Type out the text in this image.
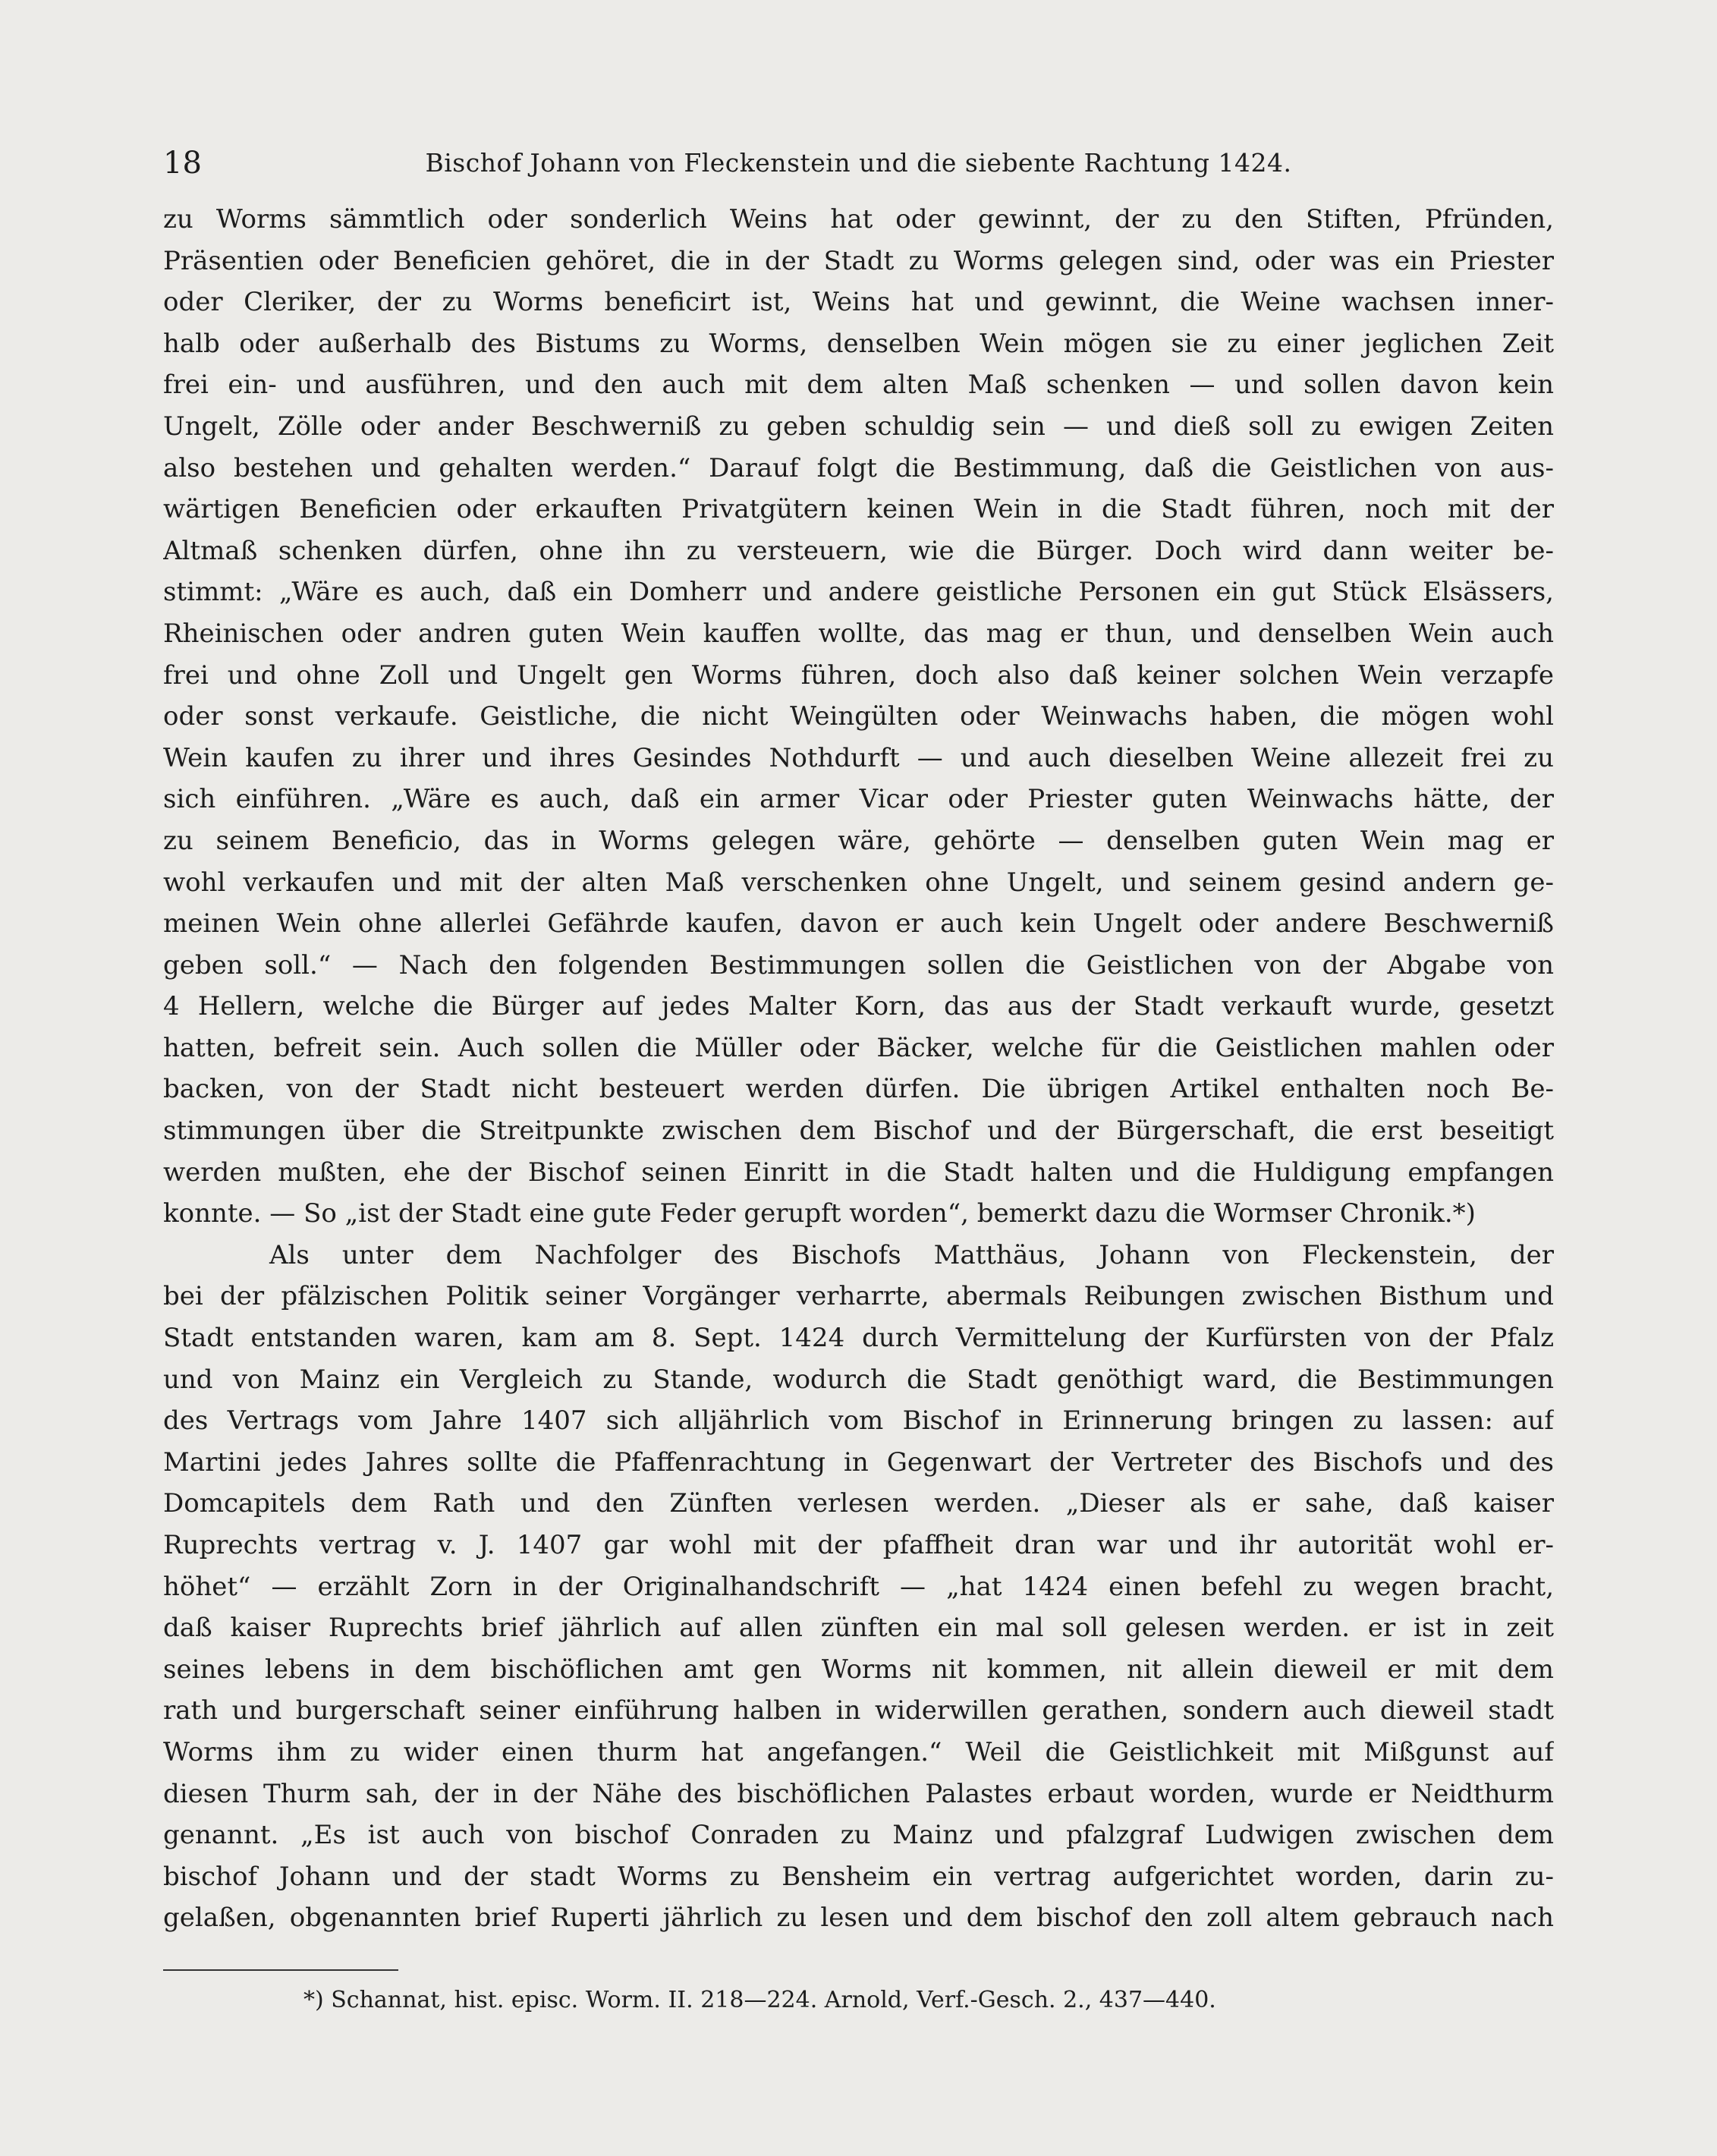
18	Bischof Johann von Fleckenstein und die siebente Rachtung 1424.
zu Worms sämmtlich oder sonderlich Weins hat oder gewinnt, der zu den Stiften, Pfründen,
Präsentien oder Beneficien gehöret, die in der Stadt zu Worms gelegen sind, oder was ein Priester
oder Cleriker, der zu Worms beneficirt ist, Weins hat und gewinnt, die Weine wachsen inner-
halb oder außerhalb des Bistums zu Worms, denselben Wein mögen sie zu einer jeglichen Zeit
frei ein- und ausführen, und den auch mit dem alten Maß schenken — und sollen davon kein
Ungelt, Zölle oder ander Beschwerniß zu geben schuldig sein — und dieß soll zu ewigen Zeiten
also bestehen und gehalten werden.“ Darauf folgt die Bestimmung, daß die Geistlichen von aus-
wärtigen Beneficien oder erkauften Privatgütern keinen Wein in die Stadt führen, noch mit der
Altmaß schenken dürfen, ohne ihn zu versteuern, wie die Bürger. Doch wird dann weiter be-
stimmt: „Wäre es auch, daß ein Domherr und andere geistliche Personen ein gut Stück Elsässers,
Rheinischen oder andren guten Wein kauffen wollte, das mag er thun, und denselben Wein auch
frei und ohne Zoll und Ungelt gen Worms führen, doch also daß keiner solchen Wein verzapfe
oder sonst verkaufe. Geistliche, die nicht Weingülten oder Weinwachs haben, die mögen wohl
Wein kaufen zu ihrer und ihres Gesindes Nothdurft — und auch dieselben Weine allezeit frei zu
sich einführen. „Wäre es auch, daß ein armer Vicar oder Priester guten Weinwachs hätte, der
zu seinem Beneficio, das in Worms gelegen wäre, gehörte — denselben guten Wein mag er
wohl verkaufen und mit der alten Maß verschenken ohne Ungelt, und seinem gesind andern ge-
meinen Wein ohne allerlei Gefährde kaufen, davon er auch kein Ungelt oder andere Beschwerniß
geben soll.“ — Nach den folgenden Bestimmungen sollen die Geistlichen von der Abgabe von
4 Hellern, welche die Bürger auf jedes Malter Korn, das aus der Stadt verkauft wurde, gesetzt
hatten, befreit sein. Auch sollen die Müller oder Bäcker, welche für die Geistlichen mahlen oder
backen, von der Stadt nicht besteuert werden dürfen. Die übrigen Artikel enthalten noch Be-
stimmungen über die Streitpunkte zwischen dem Bischof und der Bürgerschaft, die erst beseitigt
werden mußten, ehe der Bischof seinen Einritt in die Stadt halten und die Huldigung empfangen
konnte. — So „ist der Stadt eine gute Feder gerupft worden“, bemerkt dazu die Wormser Chronik.*)
Als unter dem Nachfolger des Bischofs Matthäus, Johann von Fleckenstein, der
bei der pfälzischen Politik seiner Vorgänger verharrte, abermals Reibungen zwischen Bisthum und
Stadt entstanden waren, kam am 8. Sept. 1424 durch Vermittelung der Kurfürsten von der Pfalz
und von Mainz ein Vergleich zu Stande, wodurch die Stadt genöthigt ward, die Bestimmungen
des Vertrags vom Jahre 1407 sich alljährlich vom Bischof in Erinnerung bringen zu lassen: auf
Martini jedes Jahres sollte die Pfaffenrachtung in Gegenwart der Vertreter des Bischofs und des
Domcapitels dem Rath und den Zünften verlesen werden. „Dieser als er sahe, daß kaiser
Ruprechts vertrag v. J. 1407 gar wohl mit der pfaffheit dran war und ihr autorität wohl er-
höhet“ — erzählt Zorn in der Originalhandschrift — „hat 1424 einen befehl zu wegen bracht,
daß kaiser Ruprechts brief jährlich auf allen zünften ein mal soll gelesen werden. er ist in zeit
seines lebens in dem bischöflichen amt gen Worms nit kommen, nit allein dieweil er mit dem
rath und burgerschaft seiner einführung halben in widerwillen gerathen, sondern auch dieweil stadt
Worms ihm zu wider einen thurm hat angefangen.“ Weil die Geistlichkeit mit Mißgunst auf
diesen Thurm sah, der in der Nähe des bischöflichen Palastes erbaut worden, wurde er Neidthurm
genannt. „Es ist auch von bischof Conraden zu Mainz und pfalzgraf Ludwigen zwischen dem
bischof Johann und der stadt Worms zu Bensheim ein vertrag aufgerichtet worden, darin zu-
gelaßen, obgenannten brief Ruperti jährlich zu lesen und dem bischof den zoll altem gebrauch nach
*) Schannat, hist. episc. Worm. II. 218—224. Arnold, Verf.-Gesch. 2., 437—440.
